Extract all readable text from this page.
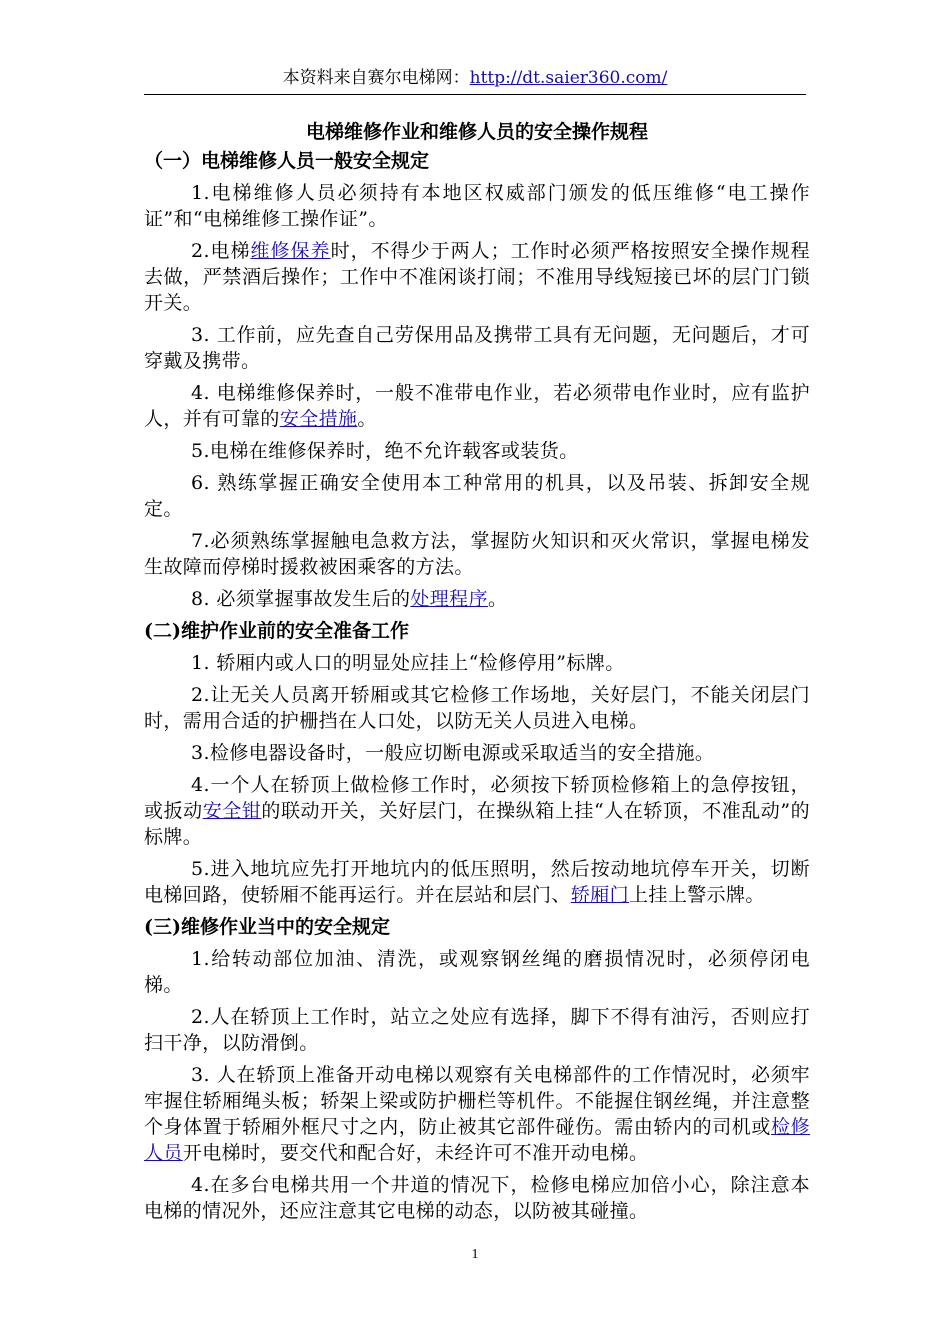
本资料来自赛尔电梯网：http://dt.saier360.com/
电梯维修作业和维修人员的安全操作规程
（一）电梯维修人员一般安全规定
1.电梯维修人员必须持有本地区权威部门颁发的低压维修“电工操作证”和“电梯维修工操作证”。
2.电梯维修保养时，不得少于两人；工作时必须严格按照安全操作规程去做，严禁酒后操作；工作中不准闲谈打闹；不准用导线短接已坏的层门门锁开关。
3. 工作前，应先查自己劳保用品及携带工具有无问题，无问题后，才可穿戴及携带。
4. 电梯维修保养时，一般不准带电作业，若必须带电作业时，应有监护人，并有可靠的安全措施。
5.电梯在维修保养时，绝不允许载客或装货。
6. 熟练掌握正确安全使用本工种常用的机具，以及吊装、拆卸安全规定。
7.必须熟练掌握触电急救方法，掌握防火知识和灭火常识，掌握电梯发生故障而停梯时援救被困乘客的方法。
8. 必须掌握事故发生后的处理程序。
(二)维护作业前的安全准备工作
1. 轿厢内或人口的明显处应挂上“检修停用”标牌。
2.让无关人员离开轿厢或其它检修工作场地，关好层门，不能关闭层门时，需用合适的护栅挡在人口处，以防无关人员进入电梯。
3.检修电器设备时，一般应切断电源或采取适当的安全措施。
4.一个人在轿顶上做检修工作时，必须按下轿顶检修箱上的急停按钮，或扳动安全钳的联动开关，关好层门，在操纵箱上挂“人在轿顶，不准乱动”的标牌。
5.进入地坑应先打开地坑内的低压照明，然后按动地坑停车开关，切断电梯回路，使轿厢不能再运行。并在层站和层门、轿厢门上挂上警示牌。
(三)维修作业当中的安全规定
1.给转动部位加油、清洗，或观察钢丝绳的磨损情况时，必须停闭电梯。
2.人在轿顶上工作时，站立之处应有选择，脚下不得有油污，否则应打扫干净，以防滑倒。
3. 人在轿顶上准备开动电梯以观察有关电梯部件的工作情况时，必须牢牢握住轿厢绳头板；轿架上梁或防护栅栏等机件。不能握住钢丝绳，并注意整个身体置于轿厢外框尺寸之内，防止被其它部件碰伤。需由轿内的司机或检修人员开电梯时，要交代和配合好，未经许可不准开动电梯。
4.在多台电梯共用一个井道的情况下，检修电梯应加倍小心，除注意本电梯的情况外，还应注意其它电梯的动态，以防被其碰撞。
1
